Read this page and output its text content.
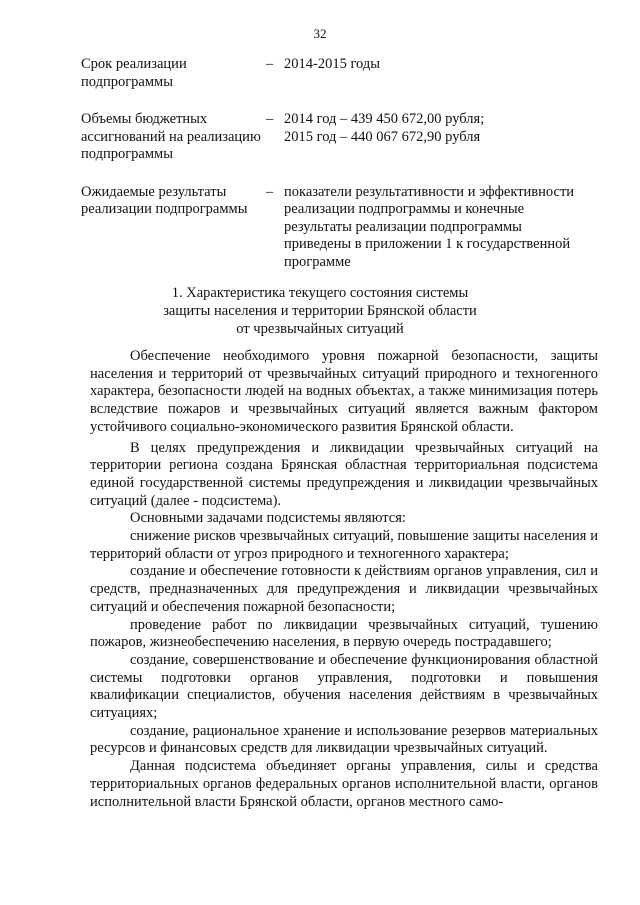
32
Срок реализации подпрограммы
– 2014-2015 годы
Объемы бюджетных ассигнований на реализацию подпрограммы
– 2014 год – 439 450 672,00 рубля;
2015 год – 440 067 672,90 рубля
Ожидаемые результаты реализации подпрограммы
– показатели результативности и эффективности
реализации подпрограммы и конечные
результаты реализации подпрограммы
приведены в приложении 1 к государственной
программе
1. Характеристика текущего состояния системы
защиты населения и территории Брянской области
от чрезвычайных ситуаций

Обеспечение необходимого уровня пожарной безопасности, защиты населения и территорий от чрезвычайных ситуаций природного и техногенного характера, безопасности людей на водных объектах, а также минимизация потерь вследствие пожаров и чрезвычайных ситуаций является важным фактором устойчивого социально-экономического развития Брянской области.

В целях предупреждения и ликвидации чрезвычайных ситуаций на территории региона создана Брянская областная территориальная подсистема единой государственной системы предупреждения и ликвидации чрезвычайных ситуаций (далее - подсистема).

Основными задачами подсистемы являются:

снижение рисков чрезвычайных ситуаций, повышение защиты населения и территорий области от угроз природного и техногенного характера;

создание и обеспечение готовности к действиям органов управления, сил и средств, предназначенных для предупреждения и ликвидации чрезвычайных ситуаций и обеспечения пожарной безопасности;

проведение работ по ликвидации чрезвычайных ситуаций, тушению пожаров, жизнеобеспечению населения, в первую очередь пострадавшего;

создание, совершенствование и обеспечение функционирования областной системы подготовки органов управления, подготовки и повышения квалификации специалистов, обучения населения действиям в чрезвычайных ситуациях;

создание, рациональное хранение и использование резервов материальных ресурсов и финансовых средств для ликвидации чрезвычайных ситуаций.

Данная подсистема объединяет органы управления, силы и средства территориальных органов федеральных органов исполнительной власти, органов исполнительной власти Брянской области, органов местного само-
